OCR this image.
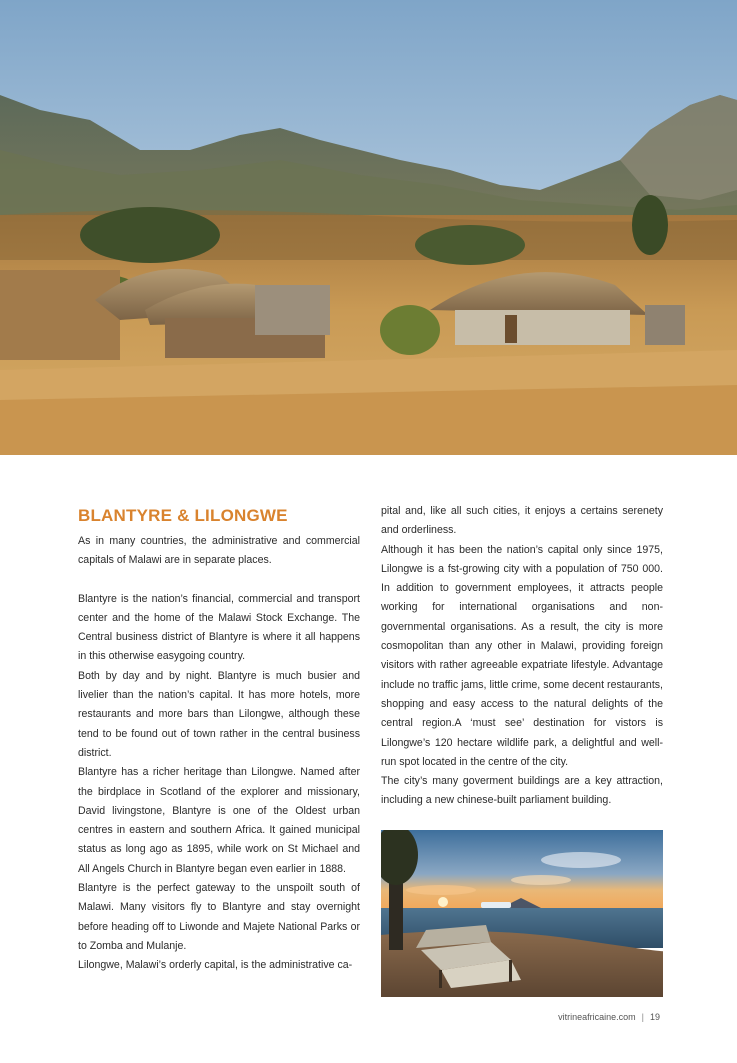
BLANTYRE & LILONGWE

As in many countries, the administrative and commercial capitals of Malawi are in separate places.

Blantyre is the nation’s financial, commercial and transport center and the home of the Malawi Stock Exchange. The Central business district of Blantyre is where it all happens in this otherwise easygoing country.

Both by day and by night. Blantyre is much busier and livelier than the nation’s capital. It has more hotels, more restaurants and more bars than Lilongwe, although these tend to be found out of town rather in the central business district.

Blantyre has a richer heritage than Lilongwe. Named after the birdplace in Scotland of the explorer and missionary, David livingstone, Blantyre is one of the Oldest urban centres in eastern and southern Africa. It gained municipal status as long ago as 1895, while work on St Michael and All Angels Church in Blantyre began even earlier in 1888.

Blantyre is the perfect gateway to the unspoilt south of Malawi. Many visitors fly to Blantyre and stay overnight before heading off to Liwonde and Majete National Parks or to Zomba and Mulanje.

Lilongwe, Malawi’s orderly capital, is the administrative ca-

pital and, like all such cities, it enjoys a certains serenety and orderliness.

Although it has been the nation’s capital only since 1975, Lilongwe is a fst-growing city with a population of 750 000. In addition to government employees, it attracts people working for international organisations and non-governmental organisations. As a result, the city is more cosmopolitan than any other in Malawi, providing foreign visitors with rather agreeable expatriate lifestyle. Advantage include no traffic jams, little crime, some decent restaurants, shopping and easy access to the natural delights of the central region.A ‘must see’ destination for vistors is Lilongwe’s 120 hectare wildlife park, a delightful and well-run spot located in the centre of the city.

The city’s many goverment buildings are a key attraction, including a new chinese-built parliament building.

vitrineafricaine.com | 19
